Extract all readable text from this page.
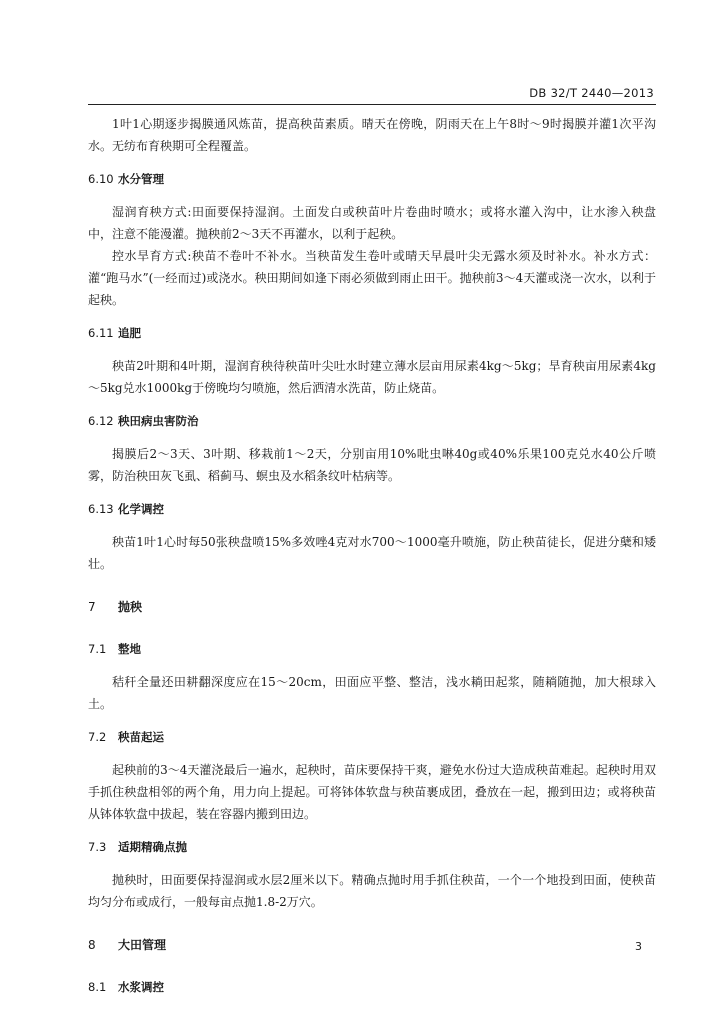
DB 32/T 2440—2013

1叶1心期逐步揭膜通风炼苗，提高秧苗素质。晴天在傍晚，阴雨天在上午8时～9时揭膜并灌1次平沟水。无纺布育秧期可全程覆盖。

6.10 水分管理

湿润育秧方式:田面要保持湿润。土面发白或秧苗叶片卷曲时喷水；或将水灌入沟中，让水渗入秧盘中，注意不能漫灌。抛秧前2～3天不再灌水，以利于起秧。

控水旱育方式:秧苗不卷叶不补水。当秧苗发生卷叶或晴天早晨叶尖无露水须及时补水。补水方式：灌“跑马水”(一经而过)或浇水。秧田期间如逢下雨必须做到雨止田干。抛秧前3～4天灌或浇一次水，以利于起秧。

6.11 追肥

秧苗2叶期和4叶期，湿润育秧待秧苗叶尖吐水时建立薄水层亩用尿素4kg～5kg；旱育秧亩用尿素4kg～5kg兑水1000kg于傍晚均匀喷施，然后洒清水洗苗，防止烧苗。

6.12 秧田病虫害防治

揭膜后2～3天、3叶期、移栽前1～2天，分别亩用10%吡虫啉40g或40%乐果100克兑水40公斤喷雾，防治秧田灰飞虱、稻蓟马、螟虫及水稻条纹叶枯病等。

6.13 化学调控

秧苗1叶1心时每50张秧盘喷15%多效唑4克对水700～1000毫升喷施，防止秧苗徒长，促进分蘖和矮壮。

7 抛秧
7.1 整地

秸秆全量还田耕翻深度应在15～20cm，田面应平整、整洁，浅水耥田起浆，随耥随抛，加大根球入土。

7.2 秧苗起运

起秧前的3～4天灌浇最后一遍水，起秧时，苗床要保持干爽，避免水份过大造成秧苗难起。起秧时用双手抓住秧盘相邻的两个角，用力向上提起。可将钵体软盘与秧苗裹成团，叠放在一起，搬到田边；或将秧苗从钵体软盘中拔起，装在容器内搬到田边。

7.3 适期精确点抛

抛秧时，田面要保持湿润或水层2厘米以下。精确点抛时用手抓住秧苗，一个一个地投到田面，使秧苗均匀分布或成行，一般每亩点抛1.8-2万穴。

8 大田管理
8.1 水浆调控
3
